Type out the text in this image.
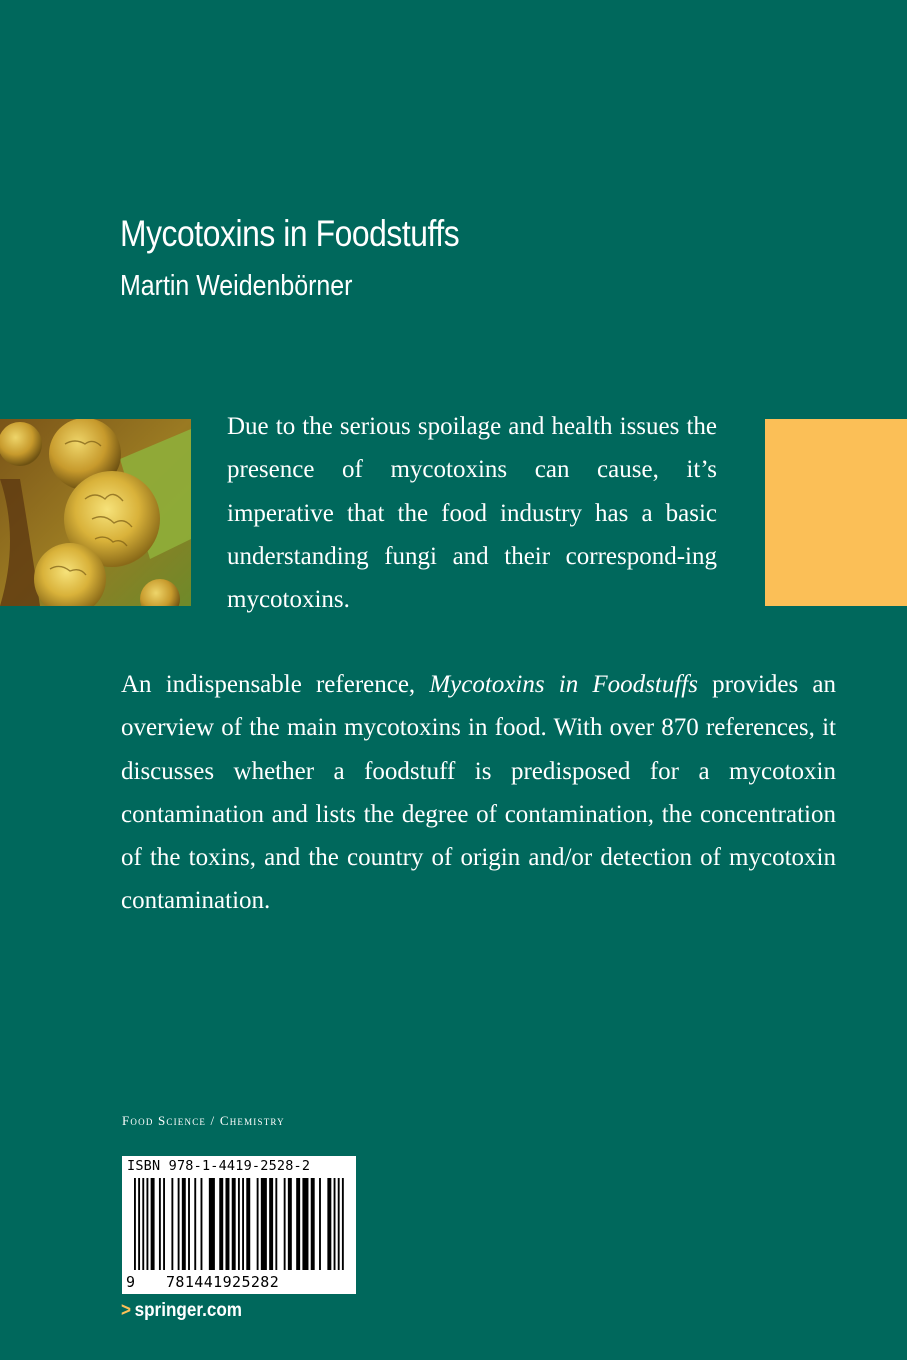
Mycotoxins in Foodstuffs
Martin Weidenbörner

Due to the serious spoilage and health issues the presence of mycotoxins can cause, it’s imperative that the food industry has a basic understanding fungi and their correspond-ing mycotoxins.

An indispensable reference, Mycotoxins in Foodstuffs provides an overview of the main mycotoxins in food. With over 870 references, it discusses whether a foodstuff is predisposed for a mycotoxin contamination and lists the degree of contamination, the concentration of the toxins, and the country of origin and/or detection of mycotoxin contamination.

Food Science / Chemistry
ISBN 978-1-4419-2528-2
9 781441925282
> springer.com
